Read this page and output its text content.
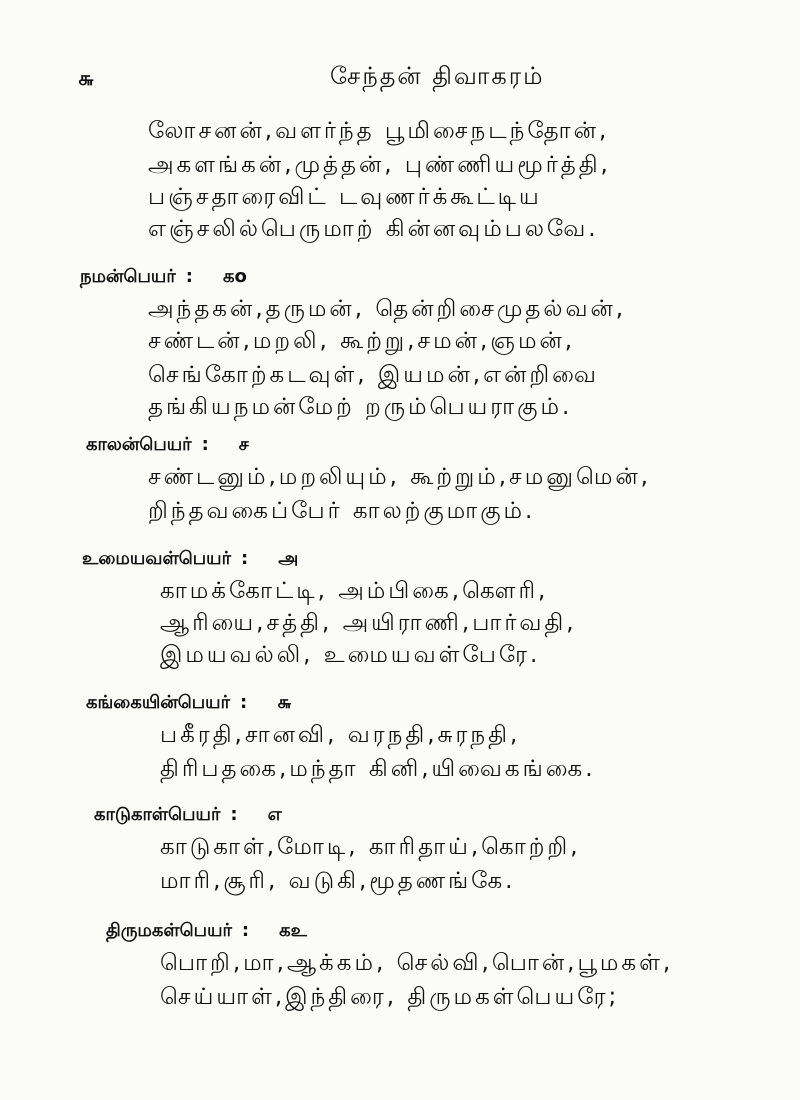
௬	சேந்தன் திவாகரம்
லோசனன்,வளர்ந்த பூமிசைநடந்தோன்,
அகளங்கன்,முத்தன், புண்ணியமூர்த்தி,
பஞ்சதாரைவிட் டவுணர்க்கூட்டிய
எஞ்சலில்பெருமாற் கின்னவும்பலவே.
நமன்பெயர் : கo
அந்தகன்,தருமன், தென்றிசைமுதல்வன்,
சண்டன்,மறலி, கூற்று,சமன்,ஞமன்,
செங்கோற்கடவுள், இயமன்,என்றிவை
தங்கியநமன்மேற் றரும்பெயராகும்.
காலன்பெயர் : ச
சண்டனும்,மறலியும், கூற்றும்,சமனுமென்,
றிந்தவகைப்பேர் காலற்குமாகும்.
உமையவள்பெயர் : அ
காமக்கோட்டி, அம்பிகை,கௌரி,
ஆரியை,சத்தி, அயிராணி,பார்வதி,
இமயவல்லி, உமையவள்பேரே.
கங்கையின்பெயர் : ௬
பகீரதி,சானவி, வரநதி,சுரநதி,
திரிபதகை,மந்தா கினி,யிவைகங்கை.
காடுகாள்பெயர் : எ
காடுகாள்,மோடி, காரிதாய்,கொற்றி,
மாரி,சூரி, வடுகி,மூதணங்கே.
திருமகள்பெயர் : கஉ
பொறி,மா,ஆக்கம், செல்வி,பொன்,பூமகள்,
செய்யாள்,இந்திரை, திருமகள்பெயரே;
